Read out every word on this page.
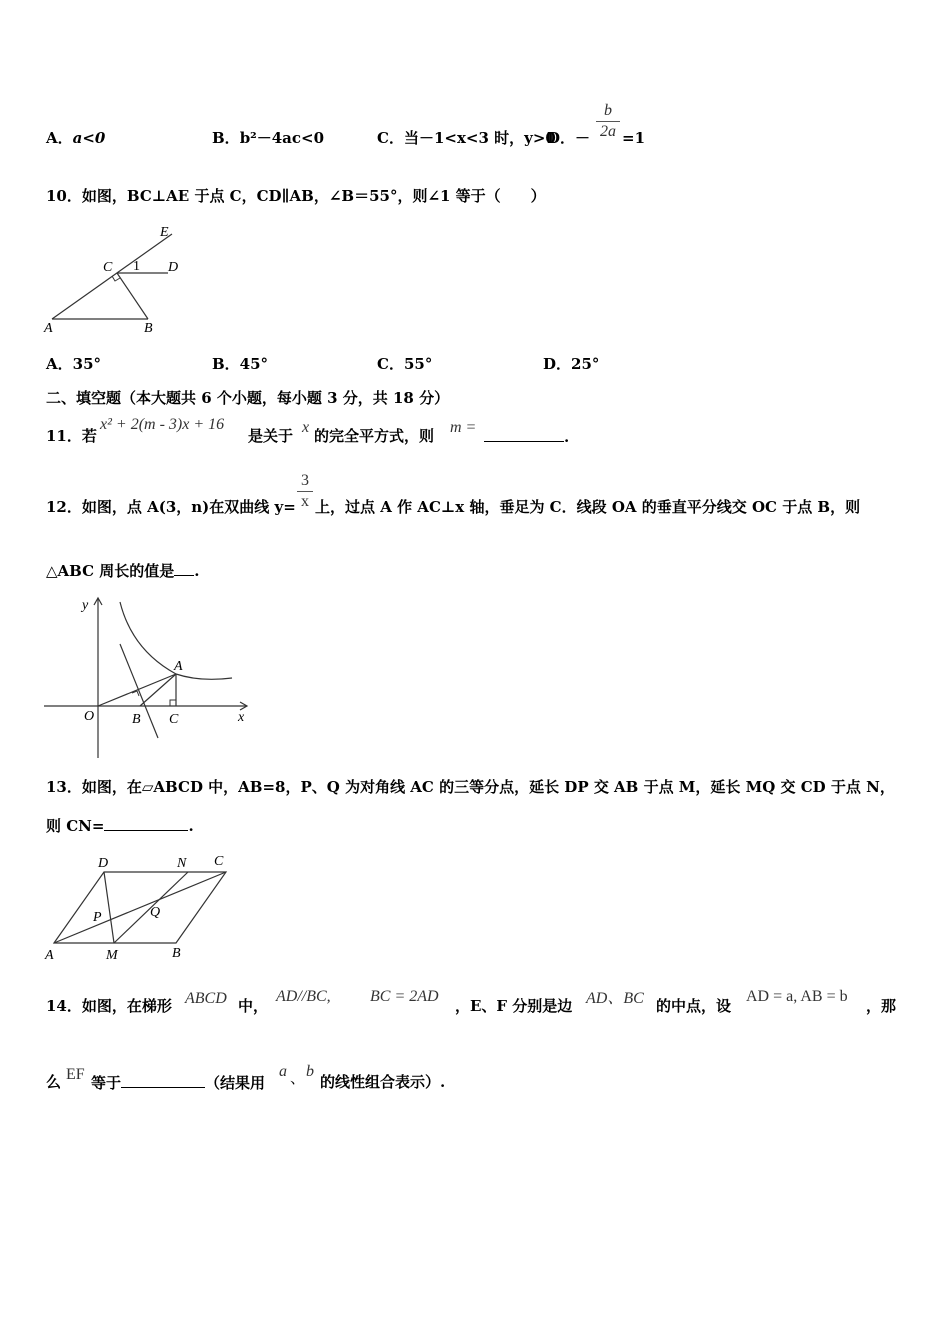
A．a<0	B．b²－4ac<0	C．当－1<x<3 时，y>0
D．－
b
2a =1
10．如图，BC⊥AE 于点 C，CD∥AB，∠B＝55°，则∠1 等于（　　）
E
C 1 D
A	B
A．35°	B．45°	C．55°	D．25°
二、填空题（本大题共 6 个小题，每小题 3 分，共 18 分）
11．若
x² + 2(m - 3)x + 16
是关于 x 的完全平方式，则 m =
.
12．如图，点 A(3，n)在双曲线 y=
3
x 上，过点 A 作 AC⊥x 轴，垂足为 C．线段 OA 的垂直平分线交 OC 于点 B，则
△ABC 周长的值是 .
y
A
O	B C	x
13．如图，在▱ABCD 中，AB=8，P、Q 为对角线 AC 的三等分点，延长 DP 交 AB 于点 M，延长 MQ 交 CD 于点 N，
则 CN=	.
D	N C
P	Q
A	M	B
14．如图，在梯形 ABCD 中，
AD//BC, BC = 2AD
，E、F 分别是边 AD、BC 的中点，设
AD = a, AB = b
，那
么 EF 等于	（结果用
a 、 b
的线性组合表示）.
